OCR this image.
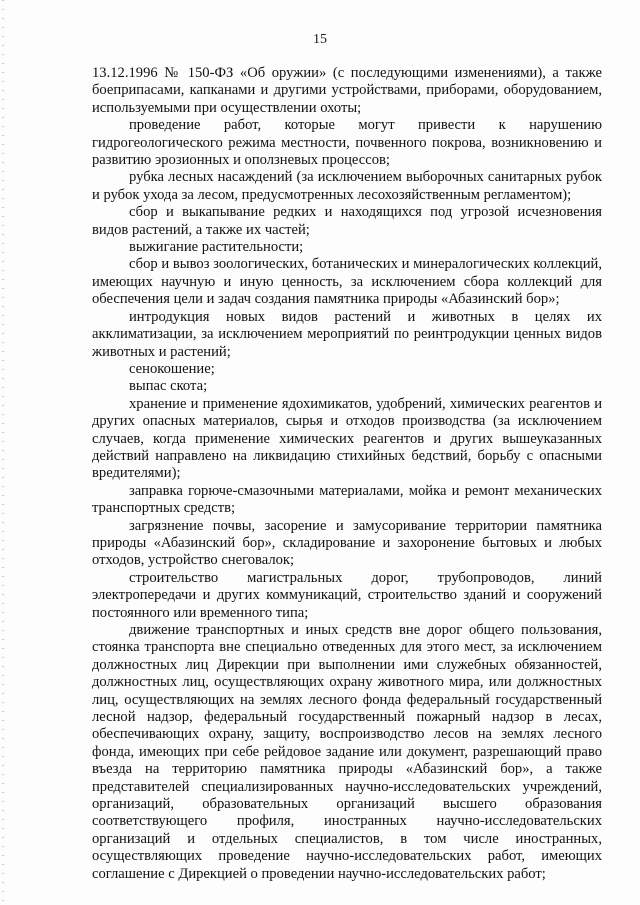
15

13.12.1996 № 150-ФЗ «Об оружии» (с последующими изменениями), а также боеприпасами, капканами и другими устройствами, приборами, оборудованием, используемыми при осуществлении охоты;

проведение работ, которые могут привести к нарушению гидрогеологического режима местности, почвенного покрова, возникновению и развитию эрозионных и оползневых процессов;

рубка лесных насаждений (за исключением выборочных санитарных рубок и рубок ухода за лесом, предусмотренных лесохозяйственным регламентом);

сбор и выкапывание редких и находящихся под угрозой исчезновения видов растений, а также их частей;

выжигание растительности;

сбор и вывоз зоологических, ботанических и минералогических коллекций, имеющих научную и иную ценность, за исключением сбора коллекций для обеспечения цели и задач создания памятника природы «Абазинский бор»;

интродукция новых видов растений и животных в целях их акклиматизации, за исключением мероприятий по реинтродукции ценных видов животных и растений;

сенокошение;

выпас скота;

хранение и применение ядохимикатов, удобрений, химических реагентов и других опасных материалов, сырья и отходов производства (за исключением случаев, когда применение химических реагентов и других вышеуказанных действий направлено на ликвидацию стихийных бедствий, борьбу с опасными вредителями);

заправка горюче-смазочными материалами, мойка и ремонт механических транспортных средств;

загрязнение почвы, засорение и замусоривание территории памятника природы «Абазинский бор», складирование и захоронение бытовых и любых отходов, устройство снеговалок;

строительство магистральных дорог, трубопроводов, линий электропередачи и других коммуникаций, строительство зданий и сооружений постоянного или временного типа;

движение транспортных и иных средств вне дорог общего пользования, стоянка транспорта вне специально отведенных для этого мест, за исключением должностных лиц Дирекции при выполнении ими служебных обязанностей, должностных лиц, осуществляющих охрану животного мира, или должностных лиц, осуществляющих на землях лесного фонда федеральный государственный лесной надзор, федеральный государственный пожарный надзор в лесах, обеспечивающих охрану, защиту, воспроизводство лесов на землях лесного фонда, имеющих при себе рейдовое задание или документ, разрешающий право въезда на территорию памятника природы «Абазинский бор», а также представителей специализированных научно-исследовательских учреждений, организаций, образовательных организаций высшего образования соответствующего профиля, иностранных научно-исследовательских организаций и отдельных специалистов, в том числе иностранных, осуществляющих проведение научно-исследовательских работ, имеющих соглашение с Дирекцией о проведении научно-исследовательских работ;
